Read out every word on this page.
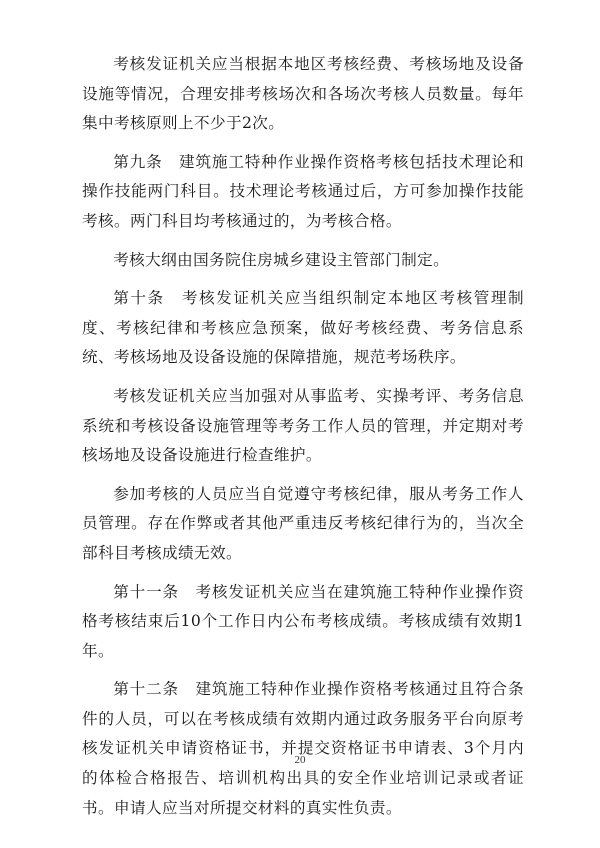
考核发证机关应当根据本地区考核经费、考核场地及设备设施等情况，合理安排考核场次和各场次考核人员数量。每年集中考核原则上不少于2次。

第九条　建筑施工特种作业操作资格考核包括技术理论和操作技能两门科目。技术理论考核通过后，方可参加操作技能考核。两门科目均考核通过的，为考核合格。

考核大纲由国务院住房城乡建设主管部门制定。

第十条　考核发证机关应当组织制定本地区考核管理制度、考核纪律和考核应急预案，做好考核经费、考务信息系统、考核场地及设备设施的保障措施，规范考场秩序。

考核发证机关应当加强对从事监考、实操考评、考务信息系统和考核设备设施管理等考务工作人员的管理，并定期对考核场地及设备设施进行检查维护。

参加考核的人员应当自觉遵守考核纪律，服从考务工作人员管理。存在作弊或者其他严重违反考核纪律行为的，当次全部科目考核成绩无效。

第十一条　考核发证机关应当在建筑施工特种作业操作资格考核结束后10个工作日内公布考核成绩。考核成绩有效期1年。

第十二条　建筑施工特种作业操作资格考核通过且符合条件的人员，可以在考核成绩有效期内通过政务服务平台向原考核发证机关申请资格证书，并提交资格证书申请表、3个月内的体检合格报告、培训机构出具的安全作业培训记录或者证书。申请人应当对所提交材料的真实性负责。

20
